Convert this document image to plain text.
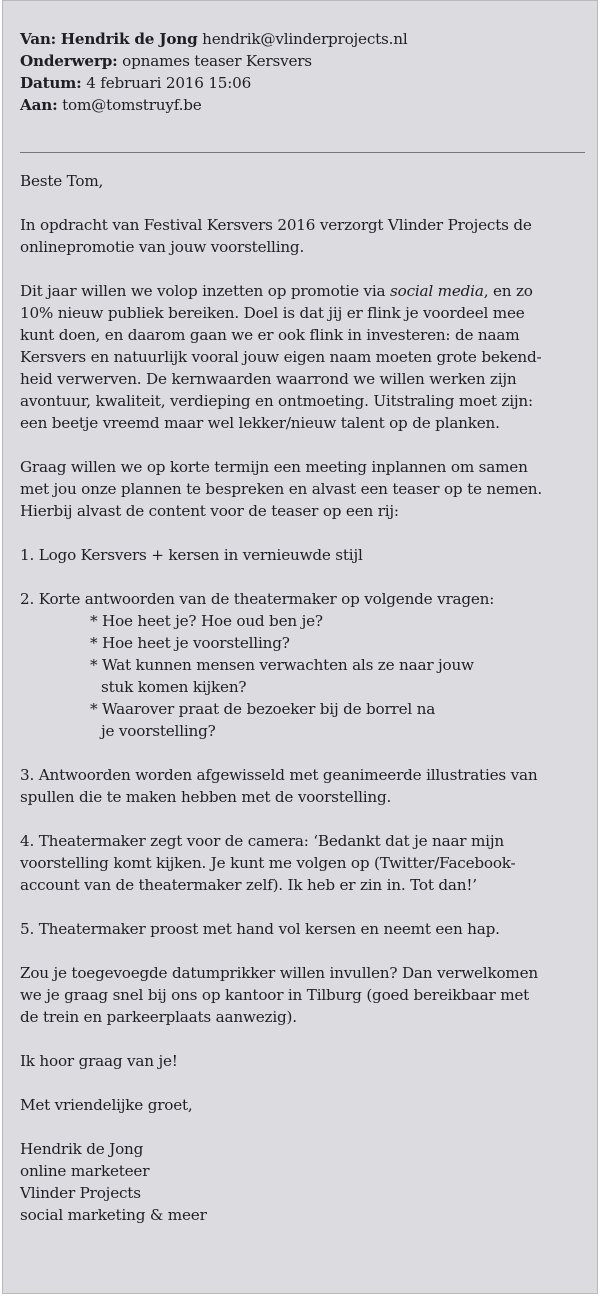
Van: Hendrik de Jong hendrik@vlinderprojects.nl
Onderwerp: opnames teaser Kersvers
Datum: 4 februari 2016 15:06
Aan: tom@tomstruyf.be
Beste Tom,
In opdracht van Festival Kersvers 2016 verzorgt Vlinder Projects de
onlinepromotie van jouw voorstelling.
Dit jaar willen we volop inzetten op promotie via social media, en zo
10% nieuw publiek bereiken. Doel is dat jij er flink je voordeel mee
kunt doen, en daarom gaan we er ook flink in investeren: de naam
Kersvers en natuurlijk vooral jouw eigen naam moeten grote bekend-
heid verwerven. De kernwaarden waarrond we willen werken zijn
avontuur, kwaliteit, verdieping en ontmoeting. Uitstraling moet zijn:
een beetje vreemd maar wel lekker/nieuw talent op de planken.
Graag willen we op korte termijn een meeting inplannen om samen
met jou onze plannen te bespreken en alvast een teaser op te nemen.
Hierbij alvast de content voor de teaser op een rij:
1. Logo Kersvers + kersen in vernieuwde stijl
2. Korte antwoorden van de theatermaker op volgende vragen:
* Hoe heet je? Hoe oud ben je?
* Hoe heet je voorstelling?
* Wat kunnen mensen verwachten als ze naar jouw
stuk komen kijken?
* Waarover praat de bezoeker bij de borrel na
je voorstelling?
3. Antwoorden worden afgewisseld met geanimeerde illustraties van
spullen die te maken hebben met de voorstelling.
4. Theatermaker zegt voor de camera: ‘Bedankt dat je naar mijn
voorstelling komt kijken. Je kunt me volgen op (Twitter/Facebook-
account van de theatermaker zelf). Ik heb er zin in. Tot dan!’
5. Theatermaker proost met hand vol kersen en neemt een hap.
Zou je toegevoegde datumprikker willen invullen? Dan verwelkomen
we je graag snel bij ons op kantoor in Tilburg (goed bereikbaar met
de trein en parkeerplaats aanwezig).
Ik hoor graag van je!
Met vriendelijke groet,
Hendrik de Jong
online marketeer
Vlinder Projects
social marketing & meer
